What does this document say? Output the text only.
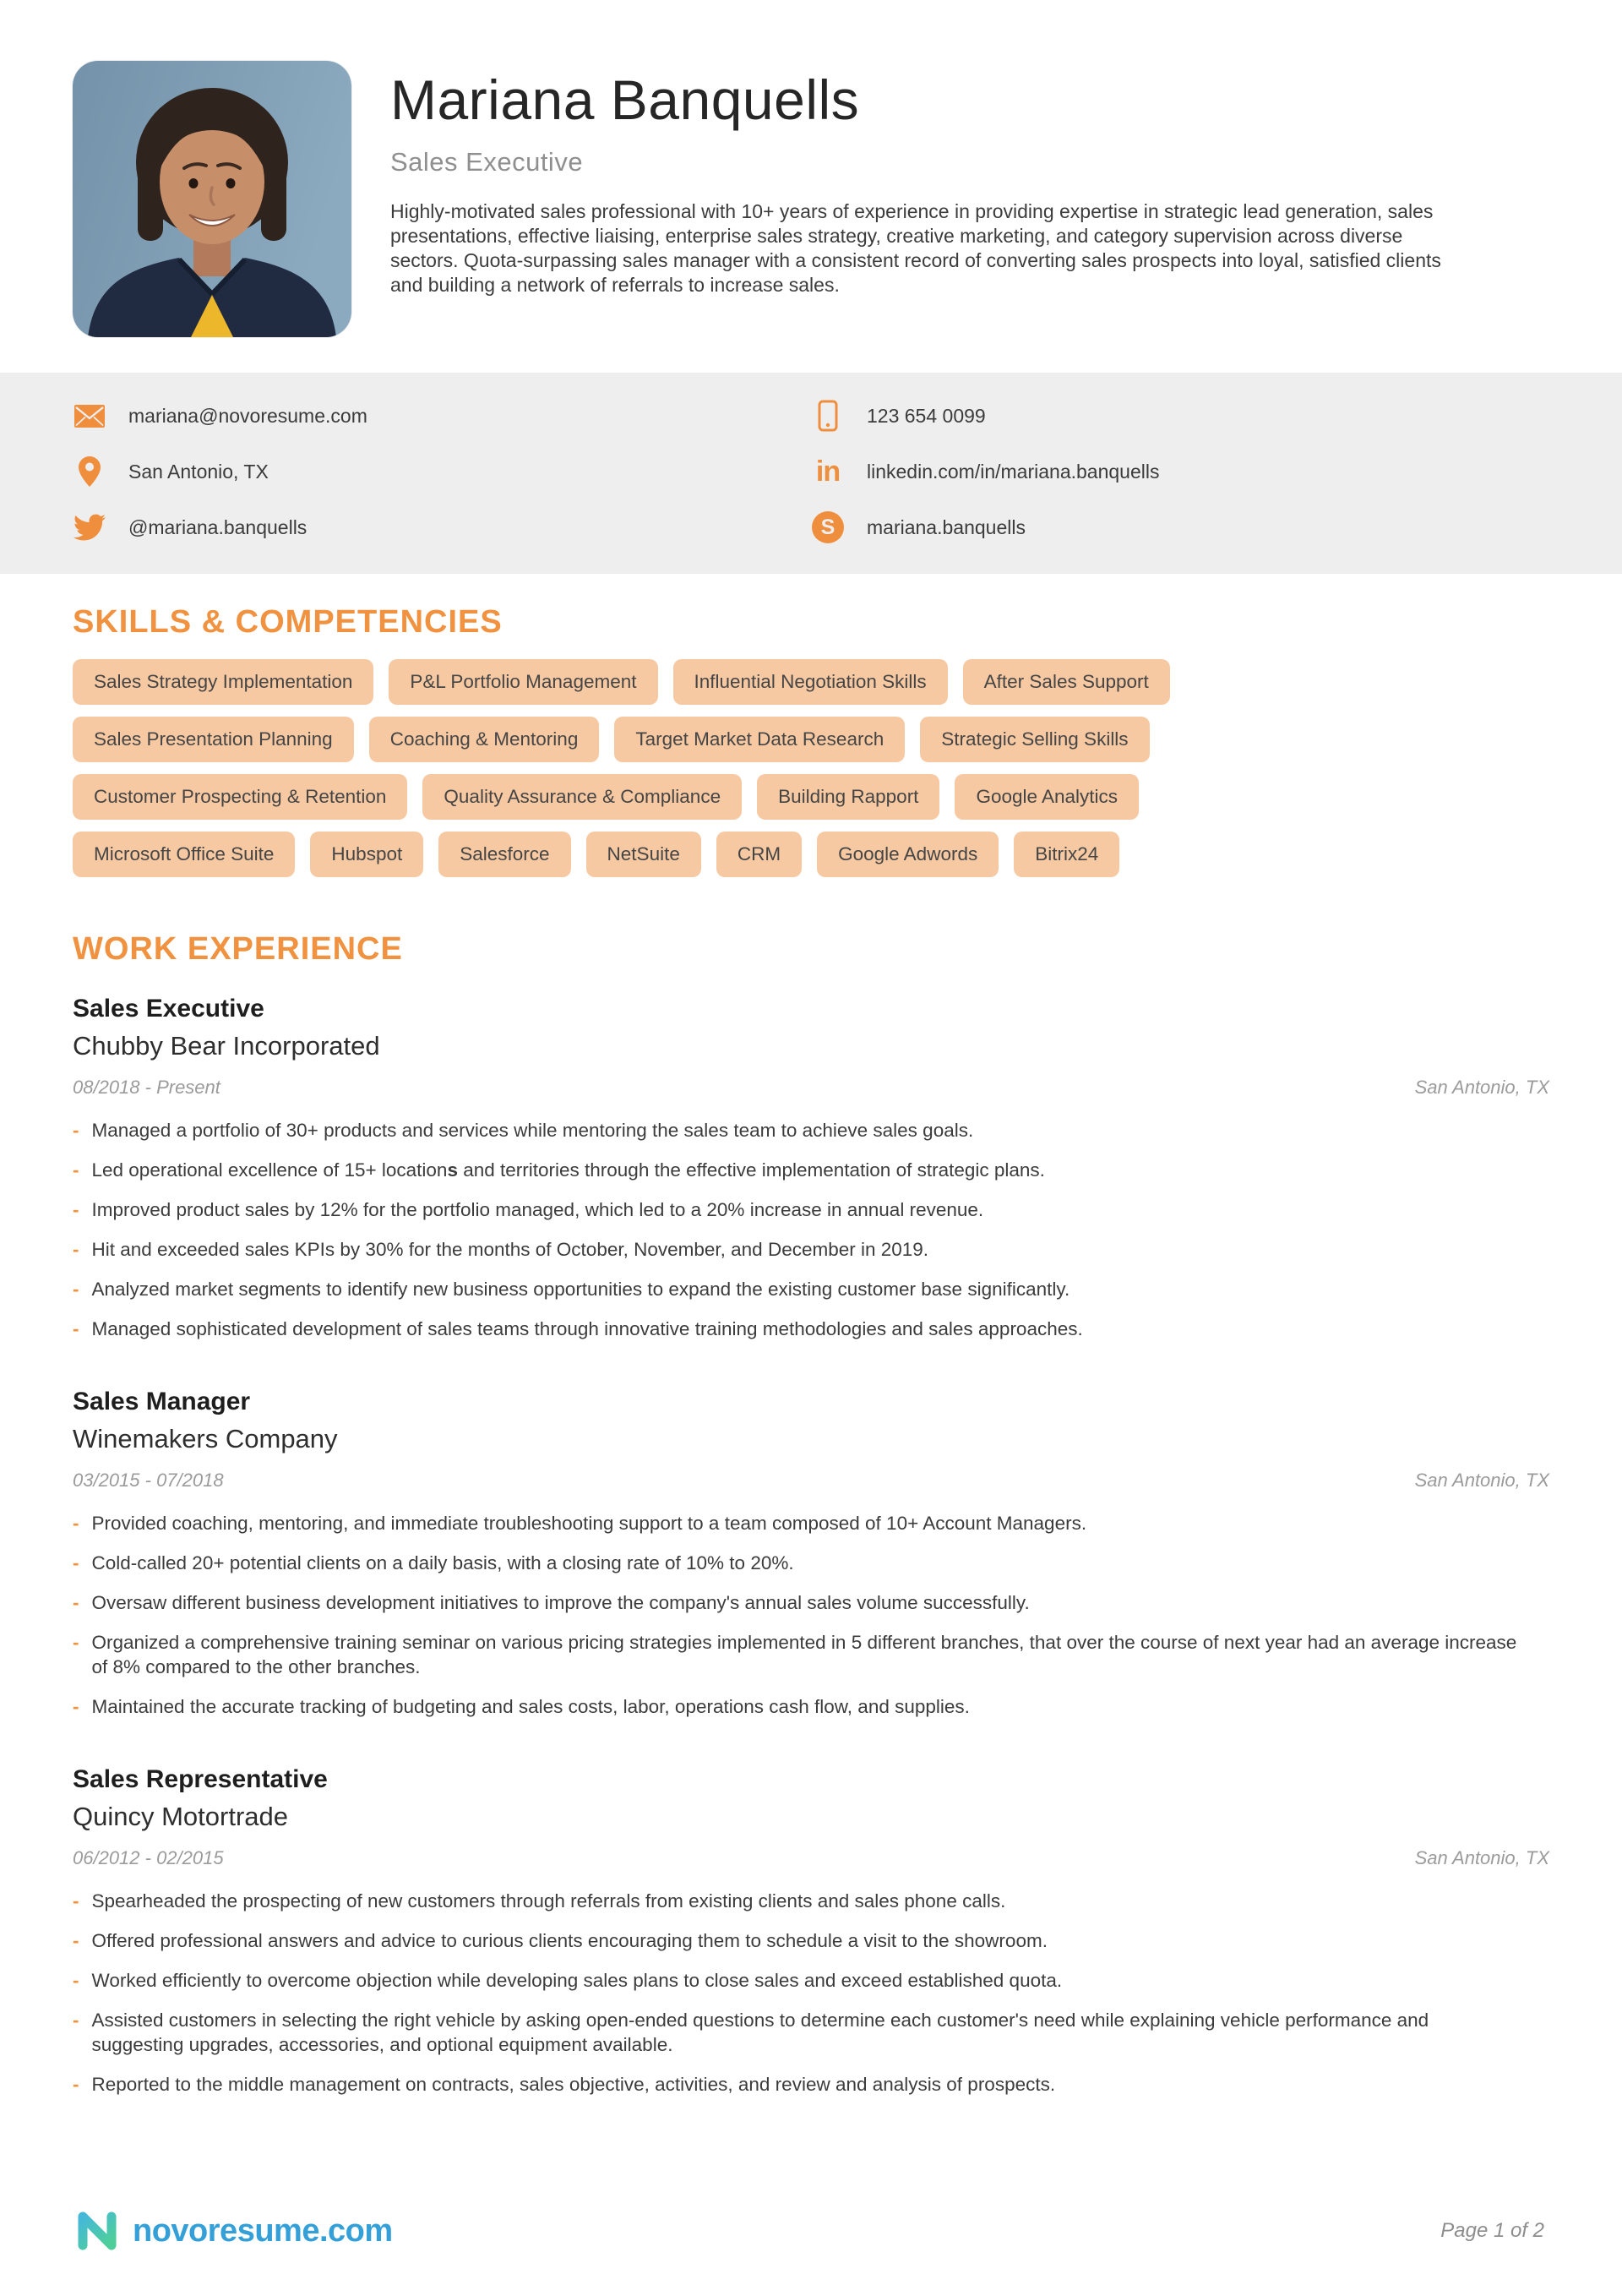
Mariana Banquells
Sales Executive
Highly-motivated sales professional with 10+ years of experience in providing expertise in strategic lead generation, sales presentations, effective liaising, enterprise sales strategy, creative marketing, and category supervision across diverse sectors. Quota-surpassing sales manager with a consistent record of converting sales prospects into loyal, satisfied clients and building a network of referrals to increase sales.
mariana@novoresume.com	123 654 0099
San Antonio, TX	in linkedin.com/in/mariana.banquells
@mariana.banquells	S	mariana.banquells
SKILLS & COMPETENCIES
Sales Strategy Implementation	P&L Portfolio Management	Influential Negotiation Skills	After Sales Support
Sales Presentation Planning	Coaching & Mentoring	Target Market Data Research	Strategic Selling Skills
Customer Prospecting & Retention	Quality Assurance & Compliance	Building Rapport	Google Analytics
Microsoft Office Suite	Hubspot	Salesforce	NetSuite	CRM	Google Adwords	Bitrix24
WORK EXPERIENCE
Sales Executive
Chubby Bear Incorporated
08/2018 - Present	San Antonio, TX
- Managed a portfolio of 30+ products and services while mentoring the sales team to achieve sales goals.
- Led operational excellence of 15+ locations and territories through the effective implementation of strategic plans.
- Improved product sales by 12% for the portfolio managed, which led to a 20% increase in annual revenue.
- Hit and exceeded sales KPIs by 30% for the months of October, November, and December in 2019.
- Analyzed market segments to identify new business opportunities to expand the existing customer base significantly.
- Managed sophisticated development of sales teams through innovative training methodologies and sales approaches.
Sales Manager
Winemakers Company
03/2015 - 07/2018	San Antonio, TX
- Provided coaching, mentoring, and immediate troubleshooting support to a team composed of 10+ Account Managers.
- Cold-called 20+ potential clients on a daily basis, with a closing rate of 10% to 20%.
- Oversaw different business development initiatives to improve the company's annual sales volume successfully.
- Organized a comprehensive training seminar on various pricing strategies implemented in 5 different branches, that over the course of next year had an average increase of 8% compared to the other branches.
- Maintained the accurate tracking of budgeting and sales costs, labor, operations cash flow, and supplies.
Sales Representative
Quincy Motortrade
06/2012 - 02/2015	San Antonio, TX
- Spearheaded the prospecting of new customers through referrals from existing clients and sales phone calls.
- Offered professional answers and advice to curious clients encouraging them to schedule a visit to the showroom.
- Worked efficiently to overcome objection while developing sales plans to close sales and exceed established quota.
- Assisted customers in selecting the right vehicle by asking open-ended questions to determine each customer's need while explaining vehicle performance and suggesting upgrades, accessories, and optional equipment available.
- Reported to the middle management on contracts, sales objective, activities, and review and analysis of prospects.
novoresume.com	Page 1 of 2
